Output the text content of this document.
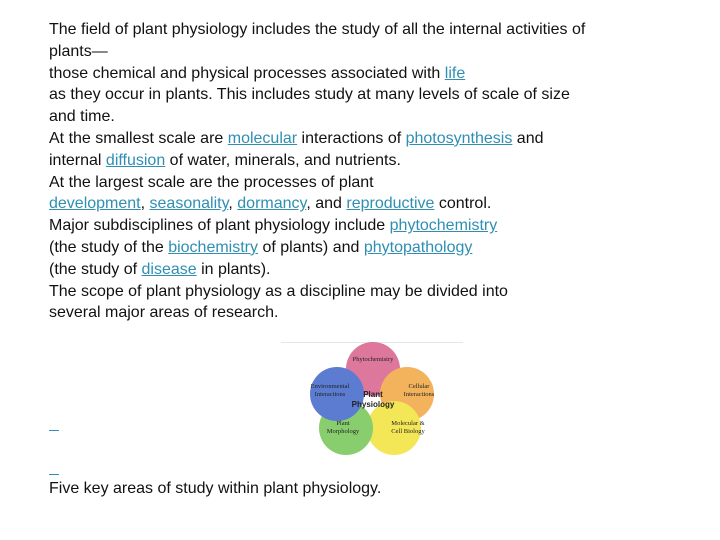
The field of plant physiology includes the study of all the internal activities of
plants—
those chemical and physical processes associated with life
as they occur in plants. This includes study at many levels of scale of size
and time.
At the smallest scale are molecular interactions of photosynthesis and
internal diffusion of water, minerals, and nutrients.
At the largest scale are the processes of plant
development, seasonality, dormancy, and reproductive control.
Major subdisciplines of plant physiology include phytochemistry
(the study of the biochemistry of plants) and phytopathology
(the study of disease in plants).
The scope of plant physiology as a discipline may be divided into
several major areas of research.
Phytochemistry
Cellular Interactions
Molecular & Cell Biology
Plant Morphology
Environmental Interactions	Plant Physiology
Five key areas of study within plant physiology.
